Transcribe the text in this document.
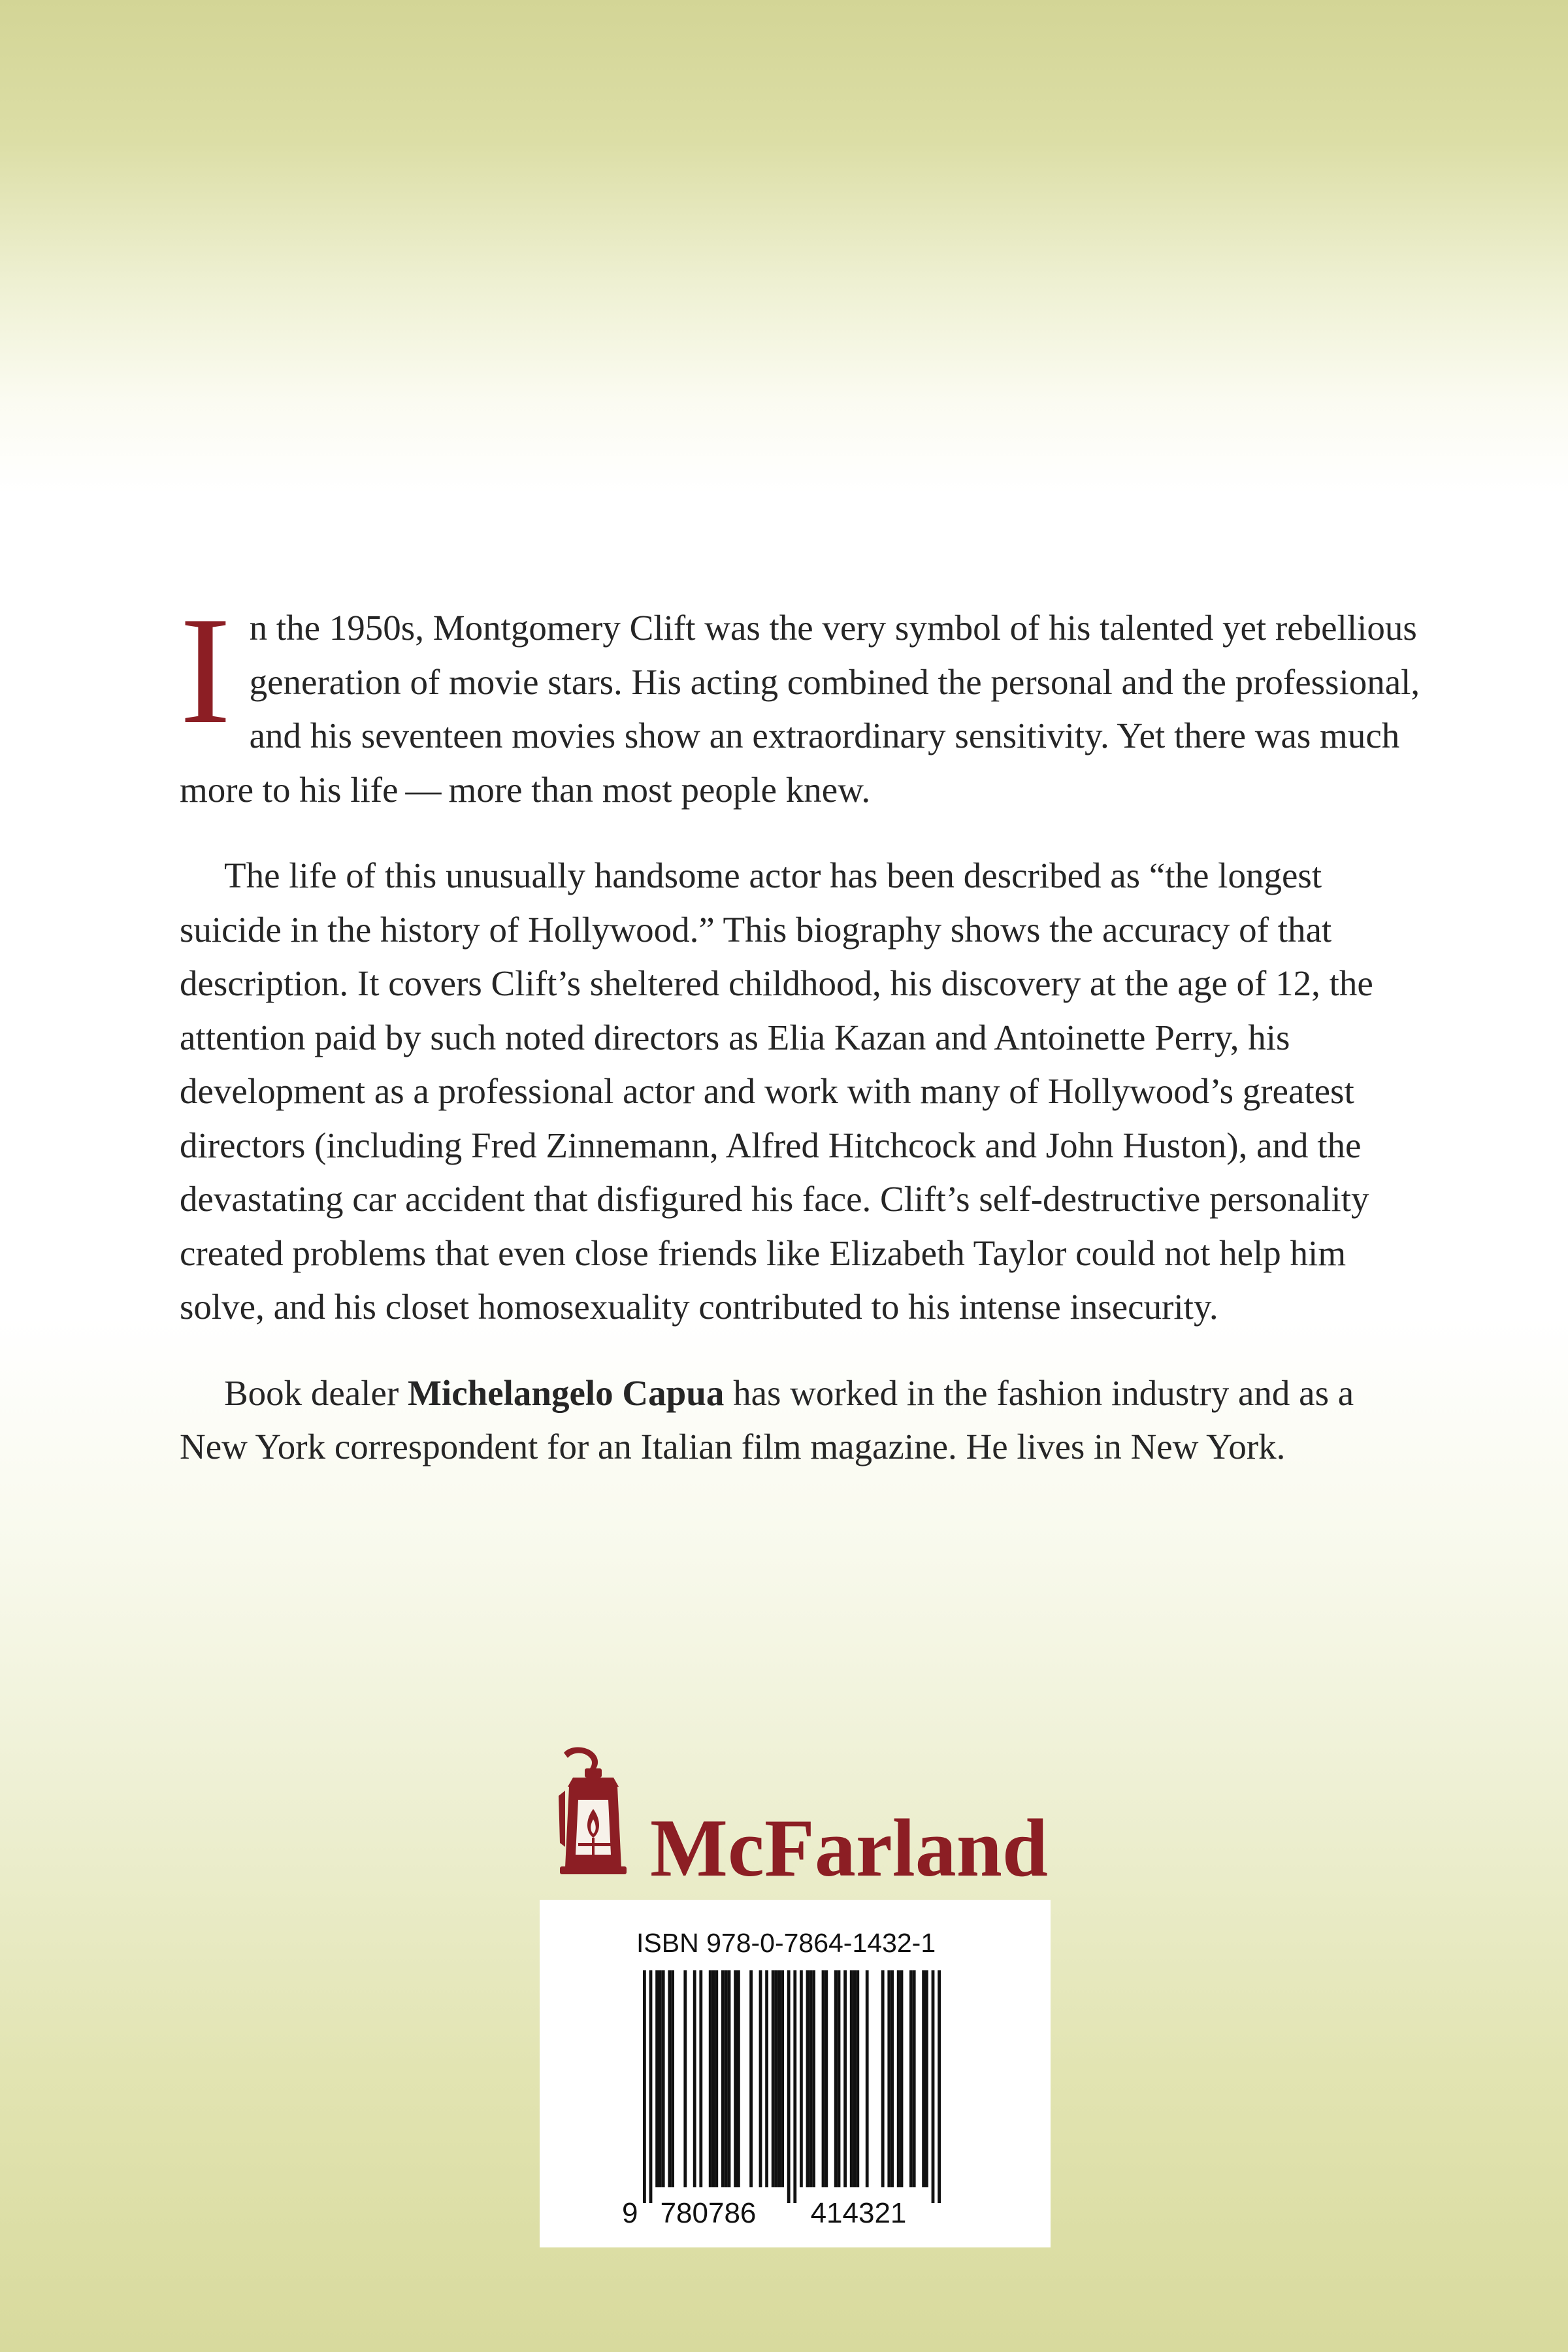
In the 1950s, Montgomery Clift was the very symbol of his talented yet rebellious generation of movie stars. His acting combined the personal and the professional, and his seventeen movies show an extraordinary sensitivity. Yet there was much more to his life — more than most people knew.

The life of this unusually handsome actor has been described as “the longest suicide in the history of Hollywood.” This biography shows the accuracy of that description. It covers Clift’s sheltered childhood, his discovery at the age of 12, the attention paid by such noted directors as Elia Kazan and Antoinette Perry, his development as a professional actor and work with many of Hollywood’s greatest directors (including Fred Zinnemann, Alfred Hitchcock and John Huston), and the devastating car accident that disfigured his face. Clift’s self-destructive personality created problems that even close friends like Elizabeth Taylor could not help him solve, and his closet homosexuality contributed to his intense insecurity.

Book dealer Michelangelo Capua has worked in the fashion industry and as a New York correspondent for an Italian film magazine. He lives in New York.

McFarland
ISBN 978-0-7864-1432-1
9 780786 414321
